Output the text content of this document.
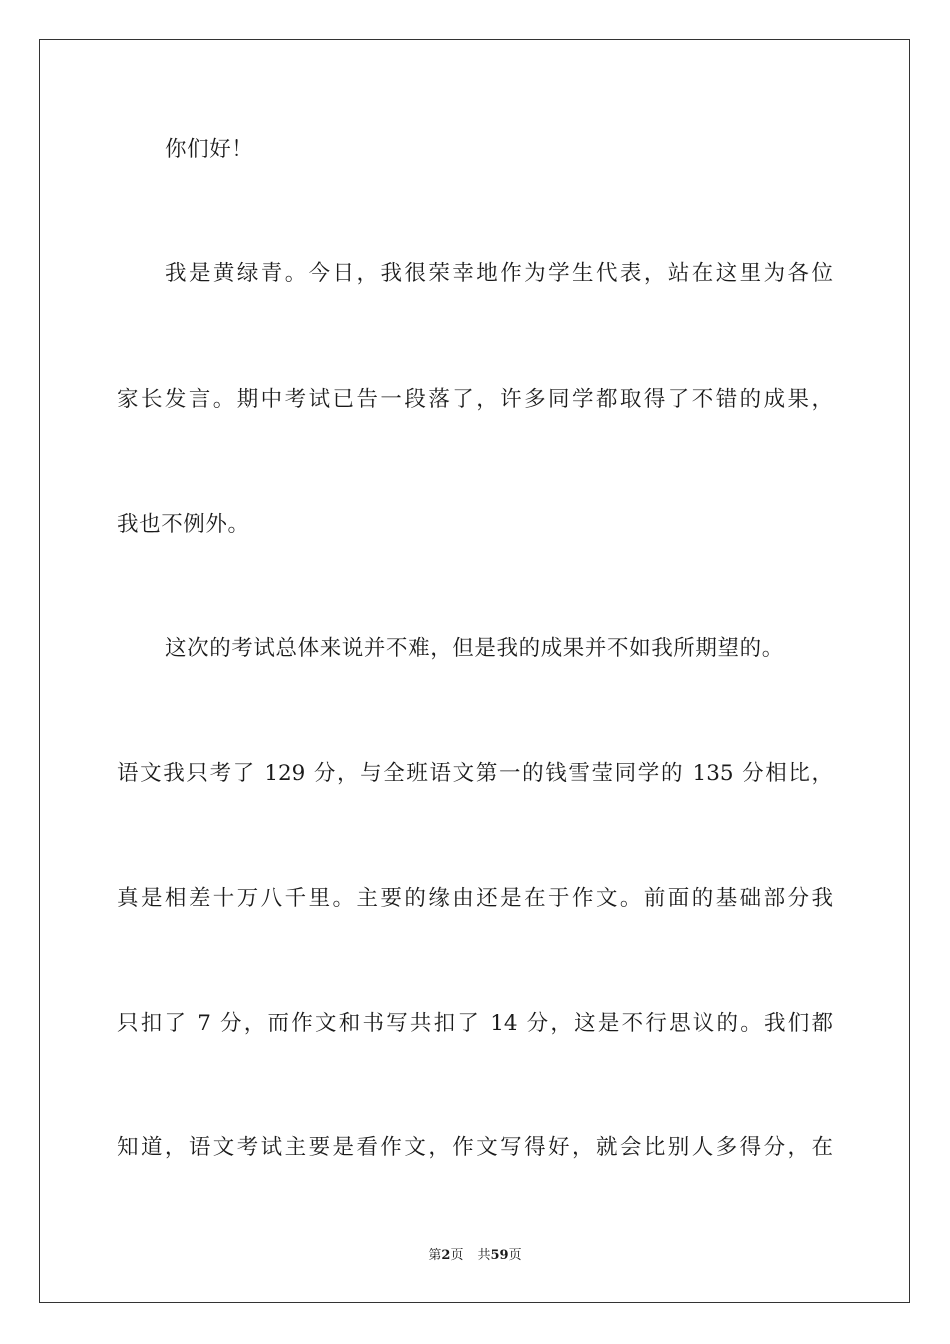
你们好！
我是黄绿青。今日，我很荣幸地作为学生代表，站在这里为各位
家长发言。期中考试已告一段落了，许多同学都取得了不错的成果，
我也不例外。
这次的考试总体来说并不难，但是我的成果并不如我所期望的。
语文我只考了 129 分，与全班语文第一的钱雪莹同学的 135 分相比，
真是相差十万八千里。主要的缘由还是在于作文。前面的基础部分我
只扣了 7 分，而作文和书写共扣了 14 分，这是不行思议的。我们都
知道，语文考试主要是看作文，作文写得好，就会比别人多得分，在
第2页 共59页
